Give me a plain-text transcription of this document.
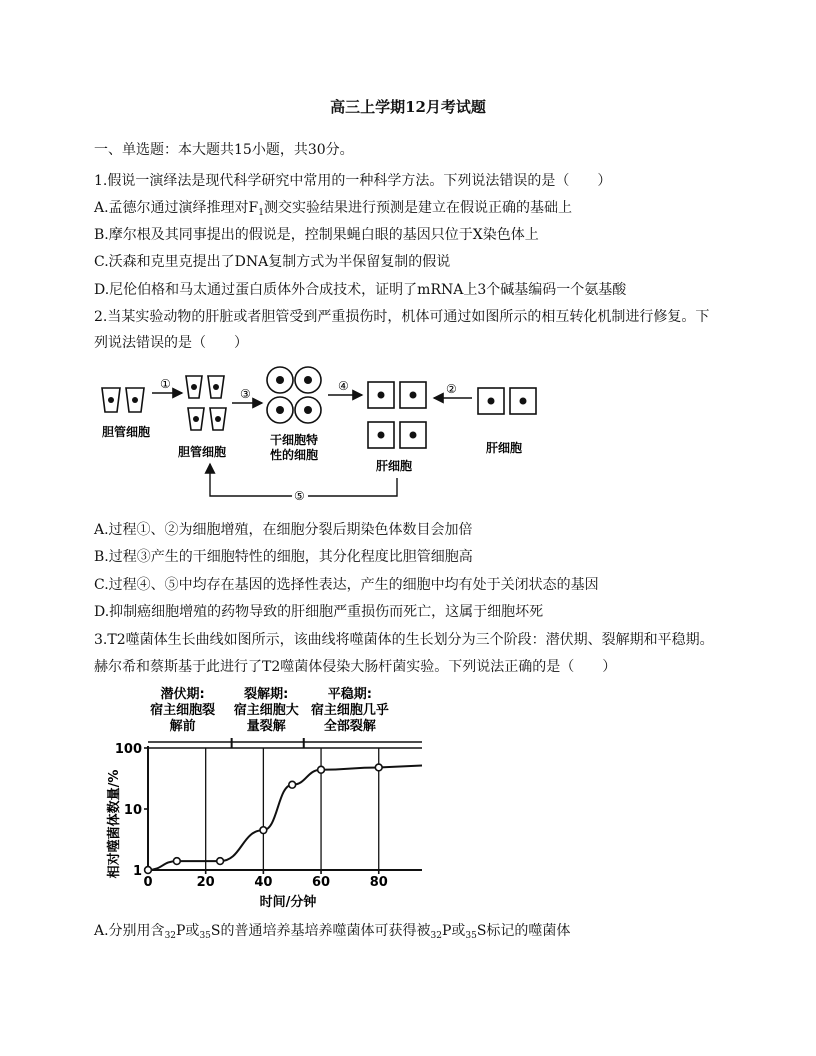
高三上学期12月考试题
一、单选题：本大题共15小题，共30分。
1.假说一演绎法是现代科学研究中常用的一种科学方法。下列说法错误的是（　　）
A.孟德尔通过演绎推理对$F_1$测交实验结果进行预测是建立在假说正确的基础上
B.摩尔根及其同事提出的假说是，控制果蝇白眼的基因只位于X染色体上
C.沃森和克里克提出了DNA复制方式为半保留复制的假说
D.尼伦伯格和马太通过蛋白质体外合成技术，证明了mRNA上3个碱基编码一个氨基酸
2.当某实验动物的肝脏或者胆管受到严重损伤时，机体可通过如图所示的相互转化机制进行修复。下
列说法错误的是（　　）
胆管细胞
①
胆管细胞
③
干细胞特
性的细胞
④
肝细胞
②
肝细胞
⑤
A.过程①、②为细胞增殖，在细胞分裂后期染色体数目会加倍
B.过程③产生的干细胞特性的细胞，其分化程度比胆管细胞高
C.过程④、⑤中均存在基因的选择性表达，产生的细胞中均有处于关闭状态的基因
D.抑制癌细胞增殖的药物导致的肝细胞严重损伤而死亡，这属于细胞坏死
3.T2噬菌体生长曲线如图所示，该曲线将噬菌体的生长划分为三个阶段：潜伏期、裂解期和平稳期。
赫尔希和蔡斯基于此进行了T2噬菌体侵染大肠杆菌实验。下列说法正确的是（　　）
潜伏期:
宿主细胞裂
解前
裂解期:
宿主细胞大
量裂解
平稳期:
宿主细胞几乎
全部裂解
1
10
100
0	20	40	60	80
相对噬菌体数量/%
时间/分钟
A.分别用含$_{32}$P或$_{35}$S的普通培养基培养噬菌体可获得被$_{32}$P或$_{35}$S标记的噬菌体
